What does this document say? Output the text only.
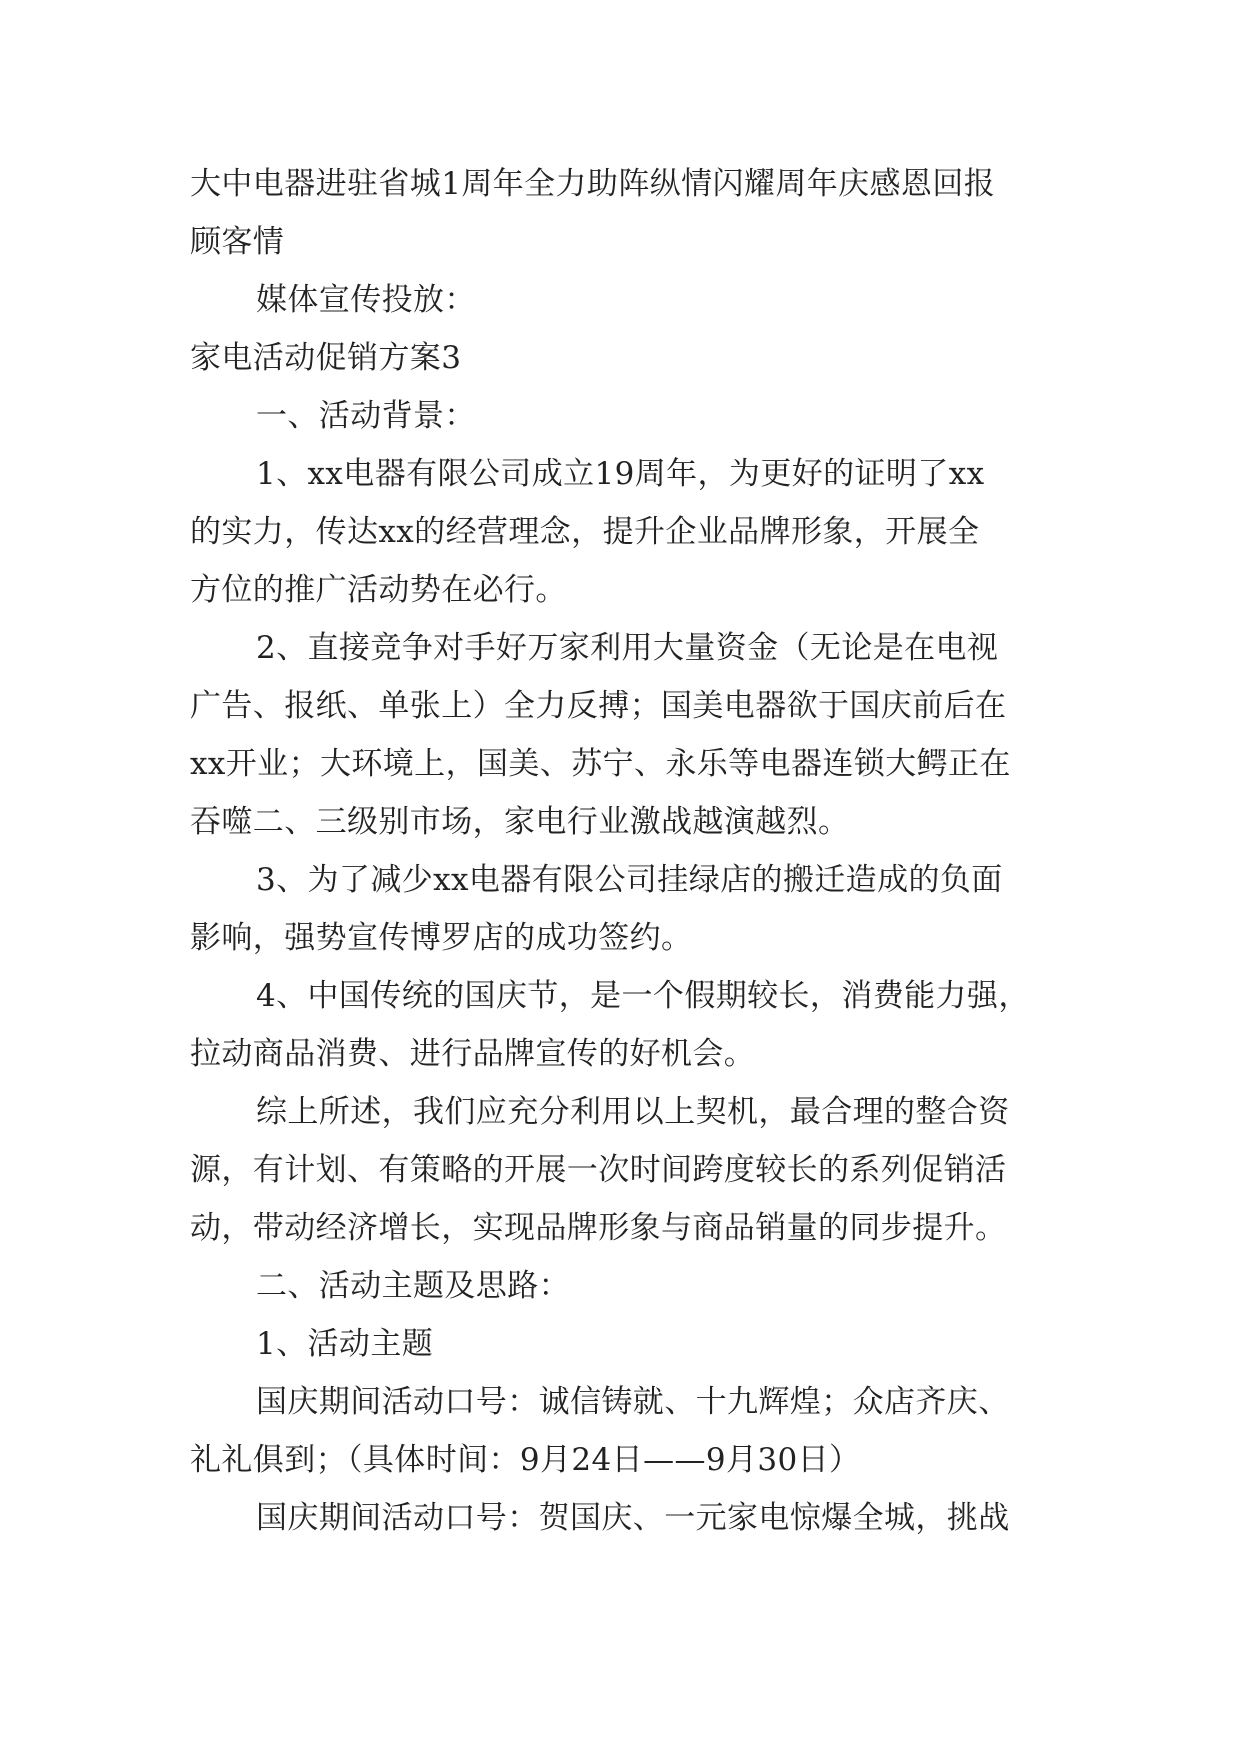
大中电器进驻省城1周年全力助阵纵情闪耀周年庆感恩回报
顾客情
媒体宣传投放：
家电活动促销方案3
一、活动背景：
1、xx电器有限公司成立19周年，为更好的证明了xx
的实力，传达xx的经营理念，提升企业品牌形象，开展全
方位的推广活动势在必行。
2、直接竞争对手好万家利用大量资金（无论是在电视
广告、报纸、单张上）全力反搏；国美电器欲于国庆前后在
xx开业；大环境上，国美、苏宁、永乐等电器连锁大鳄正在
吞噬二、三级别市场，家电行业激战越演越烈。
3、为了减少xx电器有限公司挂绿店的搬迁造成的负面
影响，强势宣传博罗店的成功签约。
4、中国传统的国庆节，是一个假期较长，消费能力强，
拉动商品消费、进行品牌宣传的好机会。
综上所述，我们应充分利用以上契机，最合理的整合资
源，有计划、有策略的开展一次时间跨度较长的系列促销活
动，带动经济增长，实现品牌形象与商品销量的同步提升。
二、活动主题及思路：
1、活动主题
国庆期间活动口号：诚信铸就、十九辉煌；众店齐庆、
礼礼俱到；（具体时间：9月24日——9月30日）
国庆期间活动口号：贺国庆、一元家电惊爆全城，挑战
